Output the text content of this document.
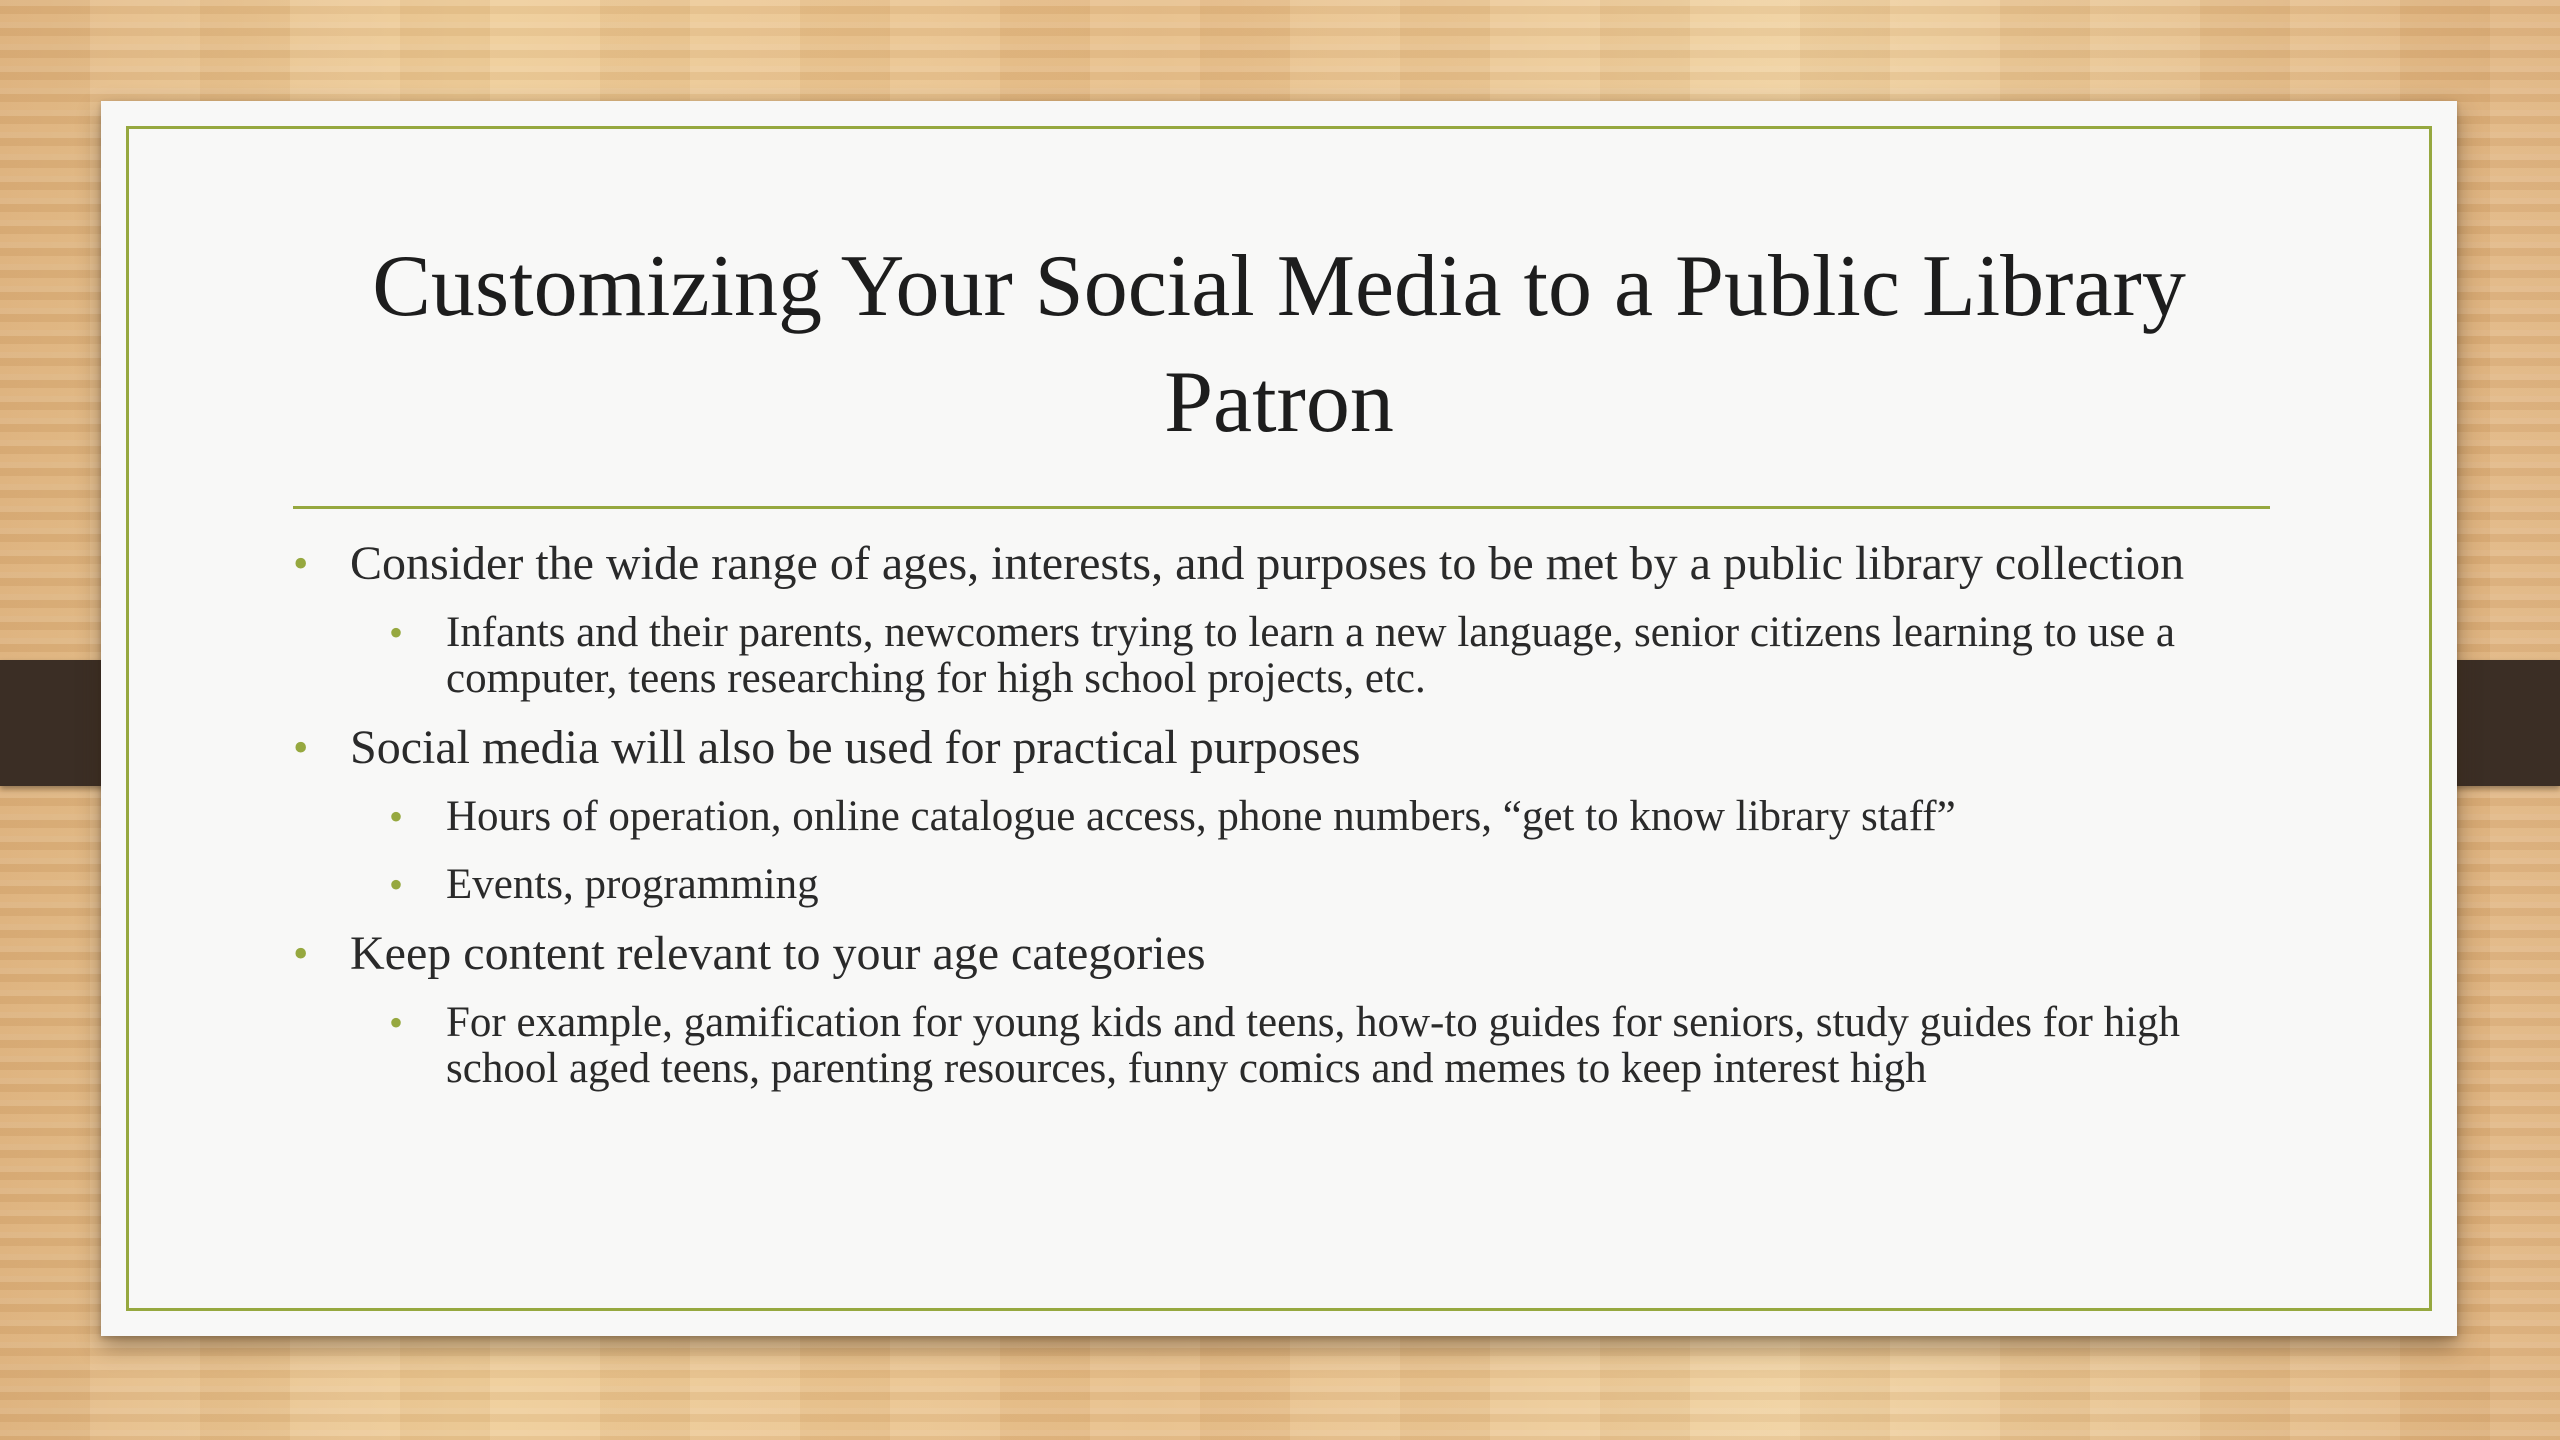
Customizing Your Social Media to a Public Library Patron
• Consider the wide range of ages, interests, and purposes to be met by a public library collection
• Infants and their parents, newcomers trying to learn a new language, senior citizens learning to use a computer, teens researching for high school projects, etc.
• Social media will also be used for practical purposes
• Hours of operation, online catalogue access, phone numbers, “get to know library staff”
• Events, programming
• Keep content relevant to your age categories
• For example, gamification for young kids and teens, how-to guides for seniors, study guides for high school aged teens, parenting resources, funny comics and memes to keep interest high
